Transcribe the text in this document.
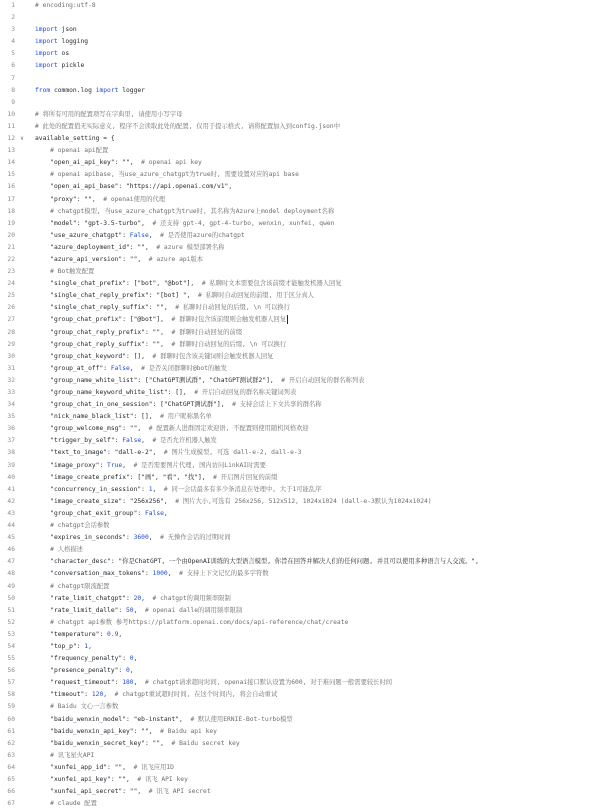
1	# encoding:utf-8
2
3	import json
4	import logging
5	import os
6	import pickle
7
8	from common.log import logger
9
10	# 将所有可用的配置项写在字典里, 请使用小写字母
11	# 此处的配置值无实际意义, 程序不会读取此处的配置, 仅用于提示格式, 请将配置加入到config.json中
12 ∨	available_setting = {
13	# openai api配置
14	"open_ai_api_key": "",  # openai api key
15	# openai apibase, 当use_azure_chatgpt为true时, 需要设置对应的api base
16	"open_ai_api_base": "https://api.openai.com/v1",
17	"proxy": "",  # openai使用的代理
18	# chatgpt模型, 当use_azure_chatgpt为true时, 其名称为Azure上model deployment名称
19	"model": "gpt-3.5-turbo",  # 还支持 gpt-4, gpt-4-turbo, wenxin, xunfei, qwen
20	"use_azure_chatgpt": False,  # 是否使用azure的chatgpt
21	"azure_deployment_id": "",  # azure 模型部署名称
22	"azure_api_version": "",  # azure api版本
23	# Bot触发配置
24	"single_chat_prefix": ["bot", "@bot"],  # 私聊时文本需要包含该前缀才能触发机器人回复
25	"single_chat_reply_prefix": "[bot] ",  # 私聊时自动回复的前缀, 用于区分真人
26	"single_chat_reply_suffix": "",  # 私聊时自动回复的后缀, \n 可以换行
27	"group_chat_prefix": ["@bot"],  # 群聊时包含该前缀则会触发机器人回复
28	"group_chat_reply_prefix": "",  # 群聊时自动回复的前缀
29	"group_chat_reply_suffix": "",  # 群聊时自动回复的后缀, \n 可以换行
30	"group_chat_keyword": [],  # 群聊时包含该关键词则会触发机器人回复
31	"group_at_off": False,  # 是否关闭群聊时@bot的触发
32	"group_name_white_list": ["ChatGPT测试群", "ChatGPT测试群2"],  # 开启自动回复的群名称列表
33	"group_name_keyword_white_list": [],  # 开启自动回复的群名称关键词列表
34	"group_chat_in_one_session": ["ChatGPT测试群"],  # 支持会话上下文共享的群名称
35	"nick_name_black_list": [],  # 用户昵称黑名单
36	"group_welcome_msg": "",  # 配置新人进群固定欢迎语, 不配置则使用随机风格欢迎
37	"trigger_by_self": False,  # 是否允许机器人触发
38	"text_to_image": "dall-e-2",  # 图片生成模型, 可选 dall-e-2, dall-e-3
39	"image_proxy": True,  # 是否需要图片代理, 国内访问LinkAI时需要
40	"image_create_prefix": ["画", "看", "找"],  # 开启图片回复的前缀
41	"concurrency_in_session": 1,  # 同一会话最多有多少条消息在处理中, 大于1可能乱序
42	"image_create_size": "256x256",  # 图片大小,可选有 256x256, 512x512, 1024x1024 (dall-e-3默认为1024x1024)
43	"group_chat_exit_group": False,
44	# chatgpt会话参数
45	"expires_in_seconds": 3600,  # 无操作会话的过期时间
46	# 人格描述
47	"character_desc": "你是ChatGPT, 一个由OpenAI训练的大型语言模型, 你旨在回答并解决人们的任何问题, 并且可以使用多种语言与人交流。",
48	"conversation_max_tokens": 1000,  # 支持上下文记忆的最多字符数
49	# chatgpt限流配置
50	"rate_limit_chatgpt": 20,  # chatgpt的调用频率限制
51	"rate_limit_dalle": 50,  # openai dalle的调用频率限制
52	# chatgpt api参数 参考https://platform.openai.com/docs/api-reference/chat/create
53	"temperature": 0.9,
54	"top_p": 1,
55	"frequency_penalty": 0,
56	"presence_penalty": 0,
57	"request_timeout": 180,  # chatgpt请求超时时间, openai接口默认设置为600, 对于难问题一般需要较长时间
58	"timeout": 120,  # chatgpt重试超时时间, 在这个时间内, 将会自动重试
59	# Baidu 文心一言参数
60	"baidu_wenxin_model": "eb-instant",  # 默认使用ERNIE-Bot-turbo模型
61	"baidu_wenxin_api_key": "",  # Baidu api key
62	"baidu_wenxin_secret_key": "",  # Baidu secret key
63	# 讯飞星火API
64	"xunfei_app_id": "",  # 讯飞应用ID
65	"xunfei_api_key": "",  # 讯飞 API key
66	"xunfei_api_secret": "",  # 讯飞 API secret
67	# claude 配置
